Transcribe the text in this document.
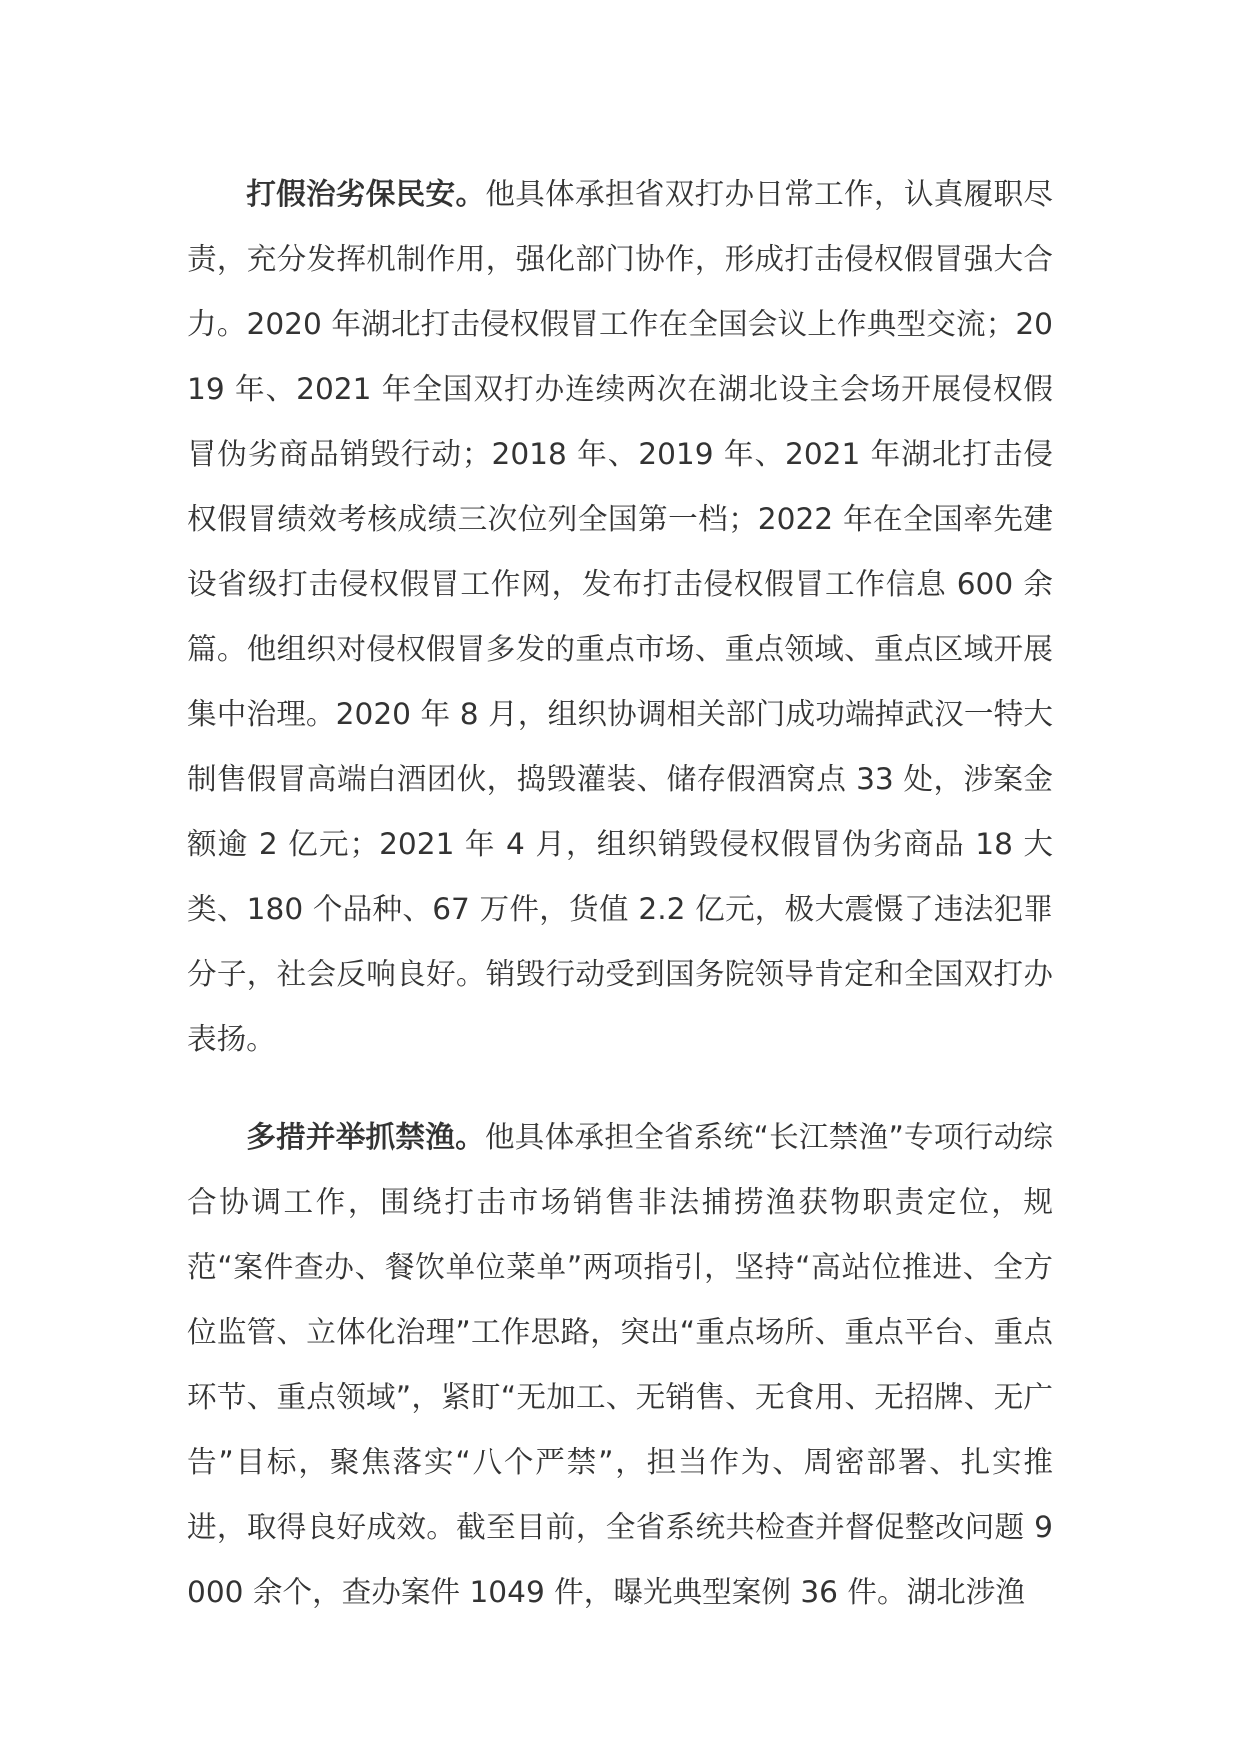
打假治劣保民安。他具体承担省双打办日常工作，认真履职尽责，充分发挥机制作用，强化部门协作，形成打击侵权假冒强大合力。2020 年湖北打击侵权假冒工作在全国会议上作典型交流；2019 年、2021 年全国双打办连续两次在湖北设主会场开展侵权假冒伪劣商品销毁行动；2018 年、2019 年、2021 年湖北打击侵权假冒绩效考核成绩三次位列全国第一档；2022 年在全国率先建设省级打击侵权假冒工作网，发布打击侵权假冒工作信息 600 余篇。他组织对侵权假冒多发的重点市场、重点领域、重点区域开展集中治理。2020 年 8 月，组织协调相关部门成功端掉武汉一特大制售假冒高端白酒团伙，捣毁灌装、储存假酒窝点 33 处，涉案金额逾 2 亿元；2021 年 4 月，组织销毁侵权假冒伪劣商品 18 大类、180 个品种、67 万件，货值 2.2 亿元，极大震慑了违法犯罪分子，社会反响良好。销毁行动受到国务院领导肯定和全国双打办表扬。

多措并举抓禁渔。他具体承担全省系统“长江禁渔”专项行动综合协调工作，围绕打击市场销售非法捕捞渔获物职责定位，规范“案件查办、餐饮单位菜单”两项指引，坚持“高站位推进、全方位监管、立体化治理”工作思路，突出“重点场所、重点平台、重点环节、重点领域”，紧盯“无加工、无销售、无食用、无招牌、无广告”目标，聚焦落实“八个严禁”，担当作为、周密部署、扎实推进，取得良好成效。截至目前，全省系统共检查并督促整改问题 9000 余个，查办案件 1049 件，曝光典型案例 36 件。湖北涉渔
